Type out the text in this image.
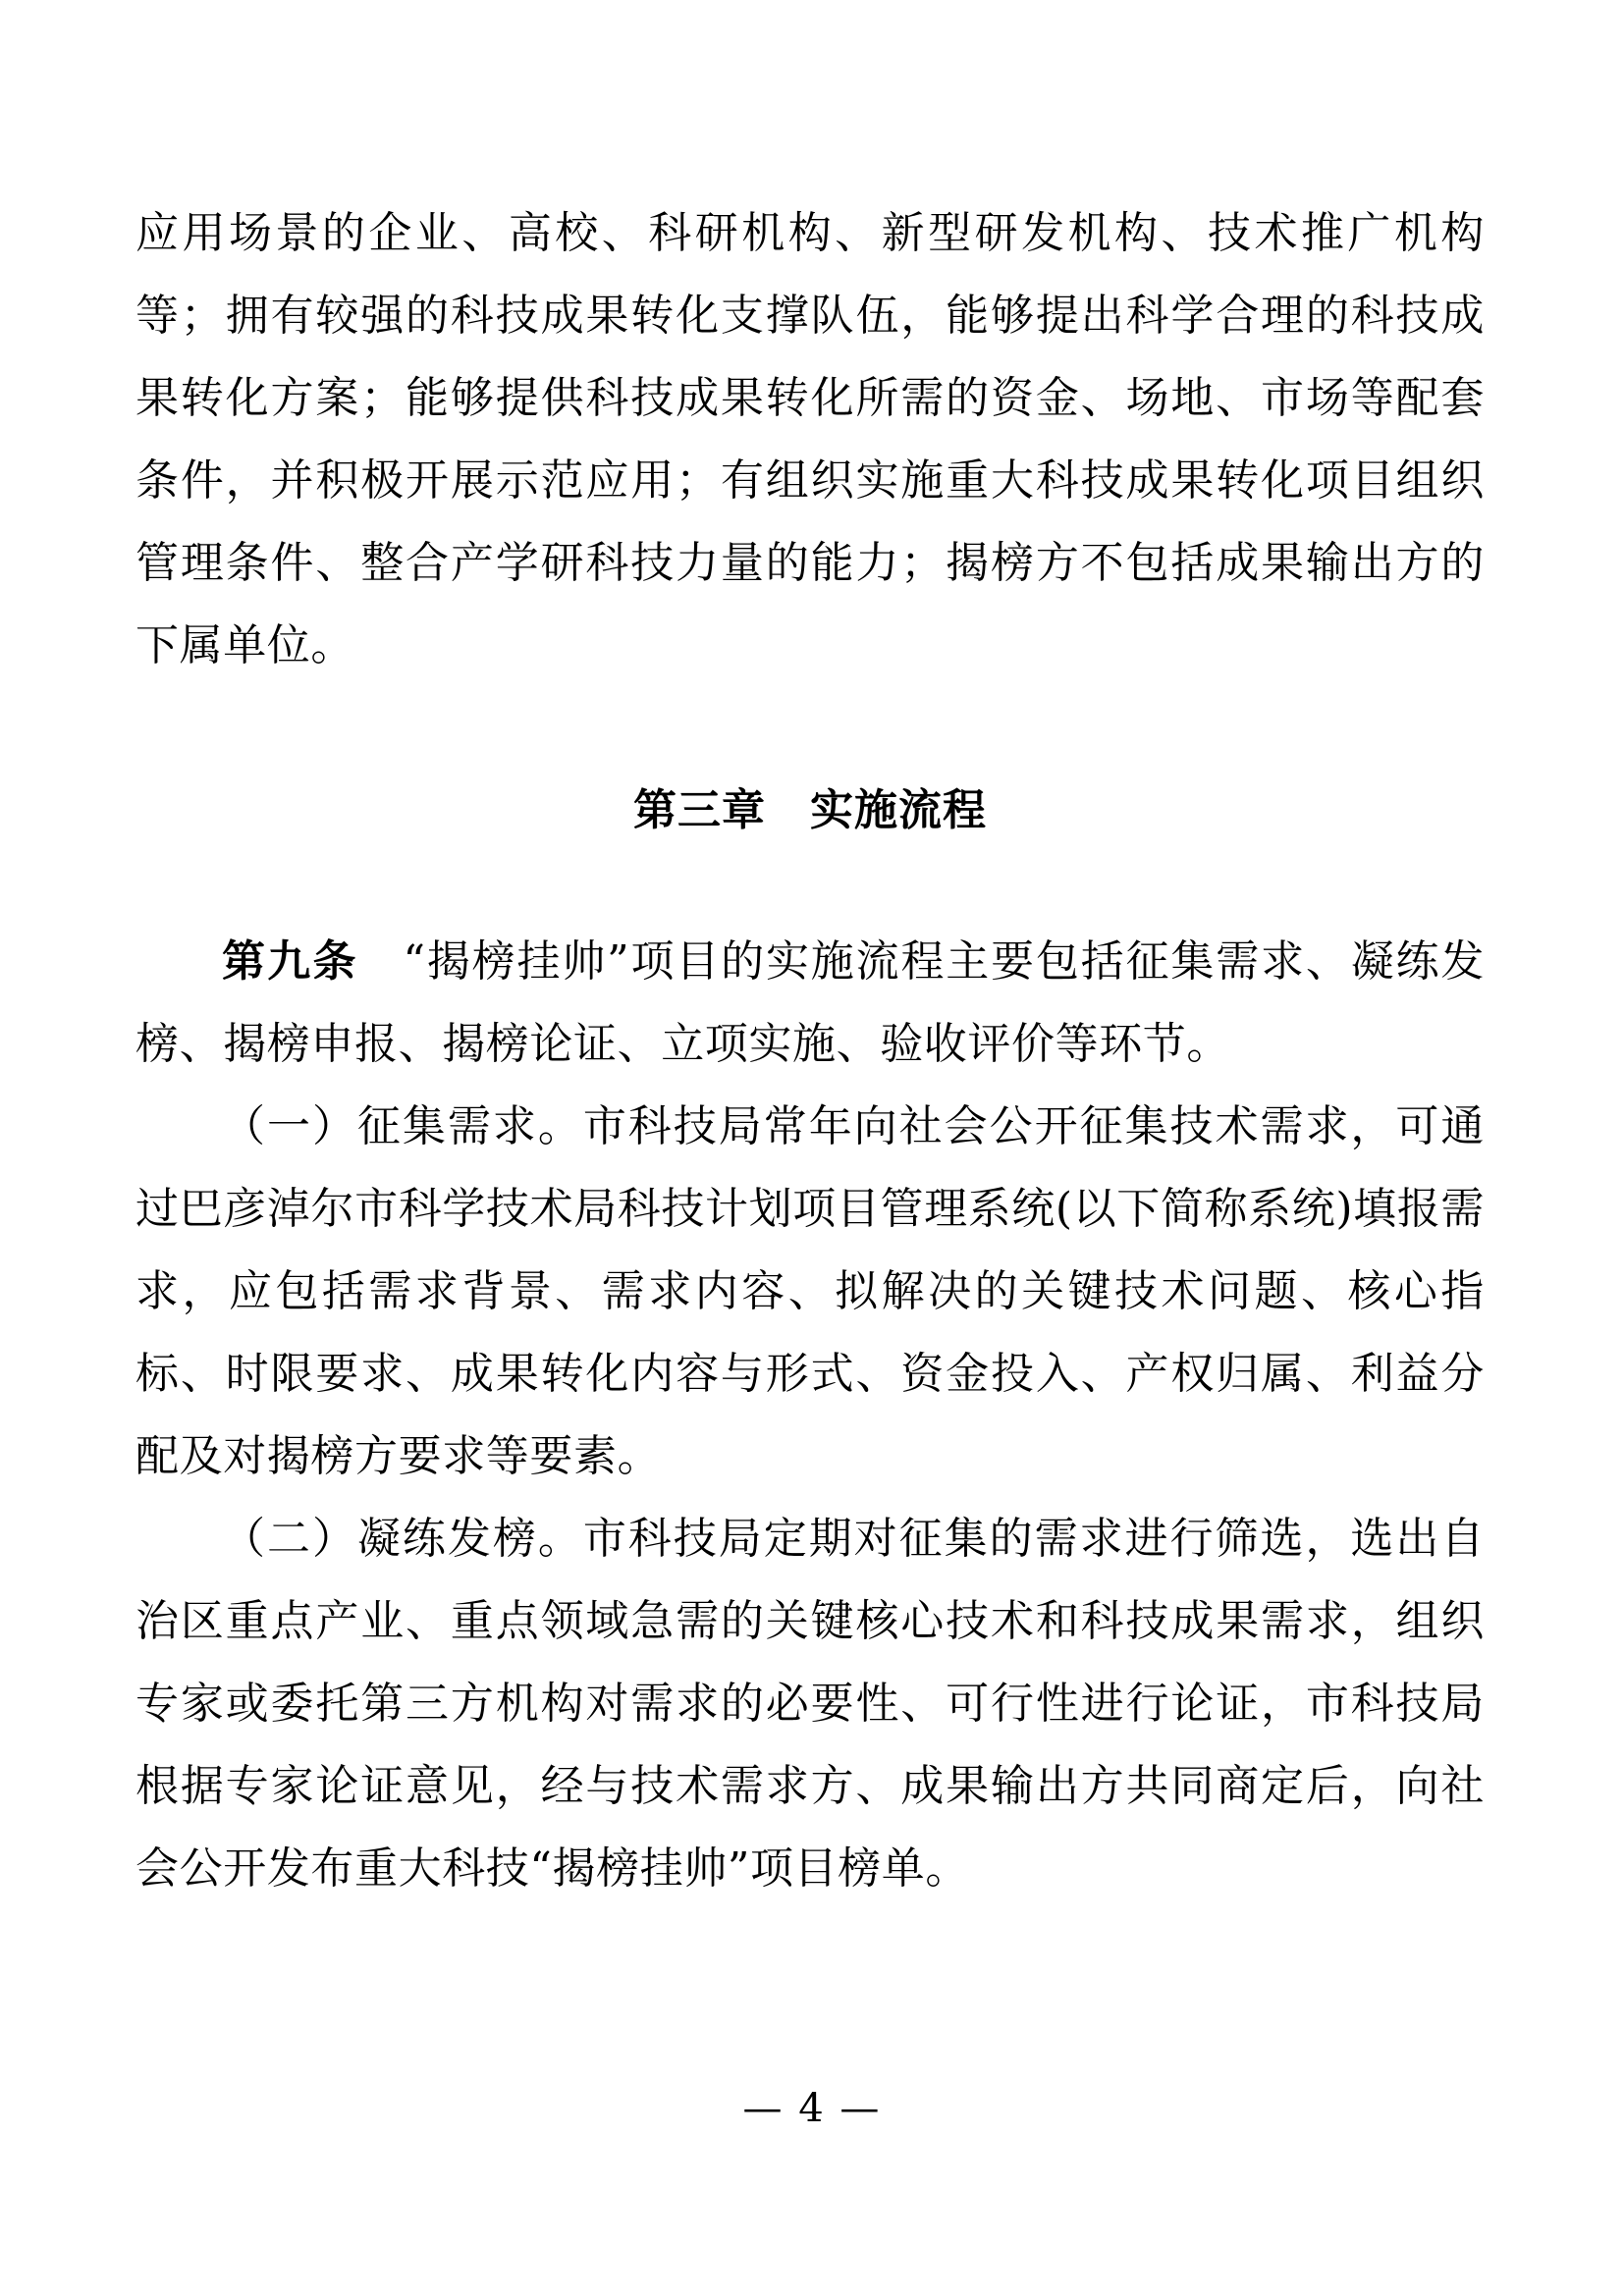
应用场景的企业、高校、科研机构、新型研发机构、技术推广机构等；拥有较强的科技成果转化支撑队伍，能够提出科学合理的科技成果转化方案；能够提供科技成果转化所需的资金、场地、市场等配套条件，并积极开展示范应用；有组织实施重大科技成果转化项目组织管理条件、整合产学研科技力量的能力；揭榜方不包括成果输出方的下属单位。

第三章　实施流程

第九条　“揭榜挂帅”项目的实施流程主要包括征集需求、凝练发榜、揭榜申报、揭榜论证、立项实施、验收评价等环节。

（一）征集需求。市科技局常年向社会公开征集技术需求，可通过巴彦淖尔市科学技术局科技计划项目管理系统(以下简称系统)填报需求，应包括需求背景、需求内容、拟解决的关键技术问题、核心指标、时限要求、成果转化内容与形式、资金投入、产权归属、利益分配及对揭榜方要求等要素。

（二）凝练发榜。市科技局定期对征集的需求进行筛选，选出自治区重点产业、重点领域急需的关键核心技术和科技成果需求，组织专家或委托第三方机构对需求的必要性、可行性进行论证，市科技局根据专家论证意见，经与技术需求方、成果输出方共同商定后，向社会公开发布重大科技“揭榜挂帅”项目榜单。

— 4 —
